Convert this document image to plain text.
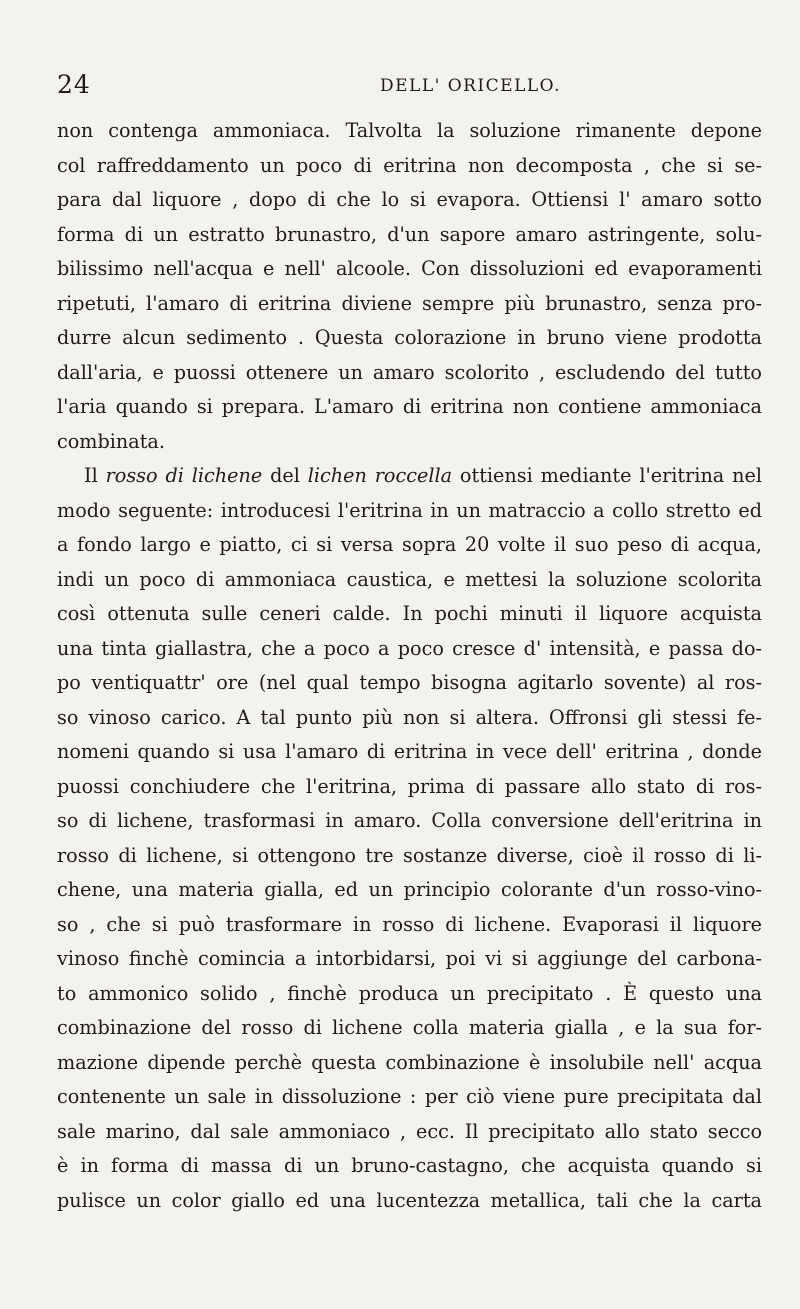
24	DELL' ORICELLO.
non contenga ammoniaca. Talvolta la soluzione rimanente depone
col raffreddamento un poco di eritrina non decomposta , che si se-
para dal liquore , dopo di che lo si evapora. Ottiensi l' amaro sotto
forma di un estratto brunastro, d'un sapore amaro astringente, solu-
bilissimo nell'acqua e nell' alcoole. Con dissoluzioni ed evaporamenti
ripetuti, l'amaro di eritrina diviene sempre più brunastro, senza pro-
durre alcun sedimento . Questa colorazione in bruno viene prodotta
dall'aria, e puossi ottenere un amaro scolorito , escludendo del tutto
l'aria quando si prepara. L'amaro di eritrina non contiene ammoniaca
combinata.
Il rosso di lichene del lichen roccella ottiensi mediante l'eritrina nel
modo seguente: introducesi l'eritrina in un matraccio a collo stretto ed
a fondo largo e piatto, ci si versa sopra 20 volte il suo peso di acqua,
indi un poco di ammoniaca caustica, e mettesi la soluzione scolorita
così ottenuta sulle ceneri calde. In pochi minuti il liquore acquista
una tinta giallastra, che a poco a poco cresce d' intensità, e passa do-
po ventiquattr' ore (nel qual tempo bisogna agitarlo sovente) al ros-
so vinoso carico. A tal punto più non si altera. Offronsi gli stessi fe-
nomeni quando si usa l'amaro di eritrina in vece dell' eritrina , donde
puossi conchiudere che l'eritrina, prima di passare allo stato di ros-
so di lichene, trasformasi in amaro. Colla conversione dell'eritrina in
rosso di lichene, si ottengono tre sostanze diverse, cioè il rosso di li-
chene, una materia gialla, ed un principio colorante d'un rosso-vino-
so , che si può trasformare in rosso di lichene. Evaporasi il liquore
vinoso finchè comincia a intorbidarsi, poi vi si aggiunge del carbona-
to ammonico solido , finchè produca un precipitato . È questo una
combinazione del rosso di lichene colla materia gialla , e la sua for-
mazione dipende perchè questa combinazione è insolubile nell' acqua
contenente un sale in dissoluzione : per ciò viene pure precipitata dal
sale marino, dal sale ammoniaco , ecc. Il precipitato allo stato secco
è in forma di massa di un bruno-castagno, che acquista quando si
pulisce un color giallo ed una lucentezza metallica, tali che la carta
